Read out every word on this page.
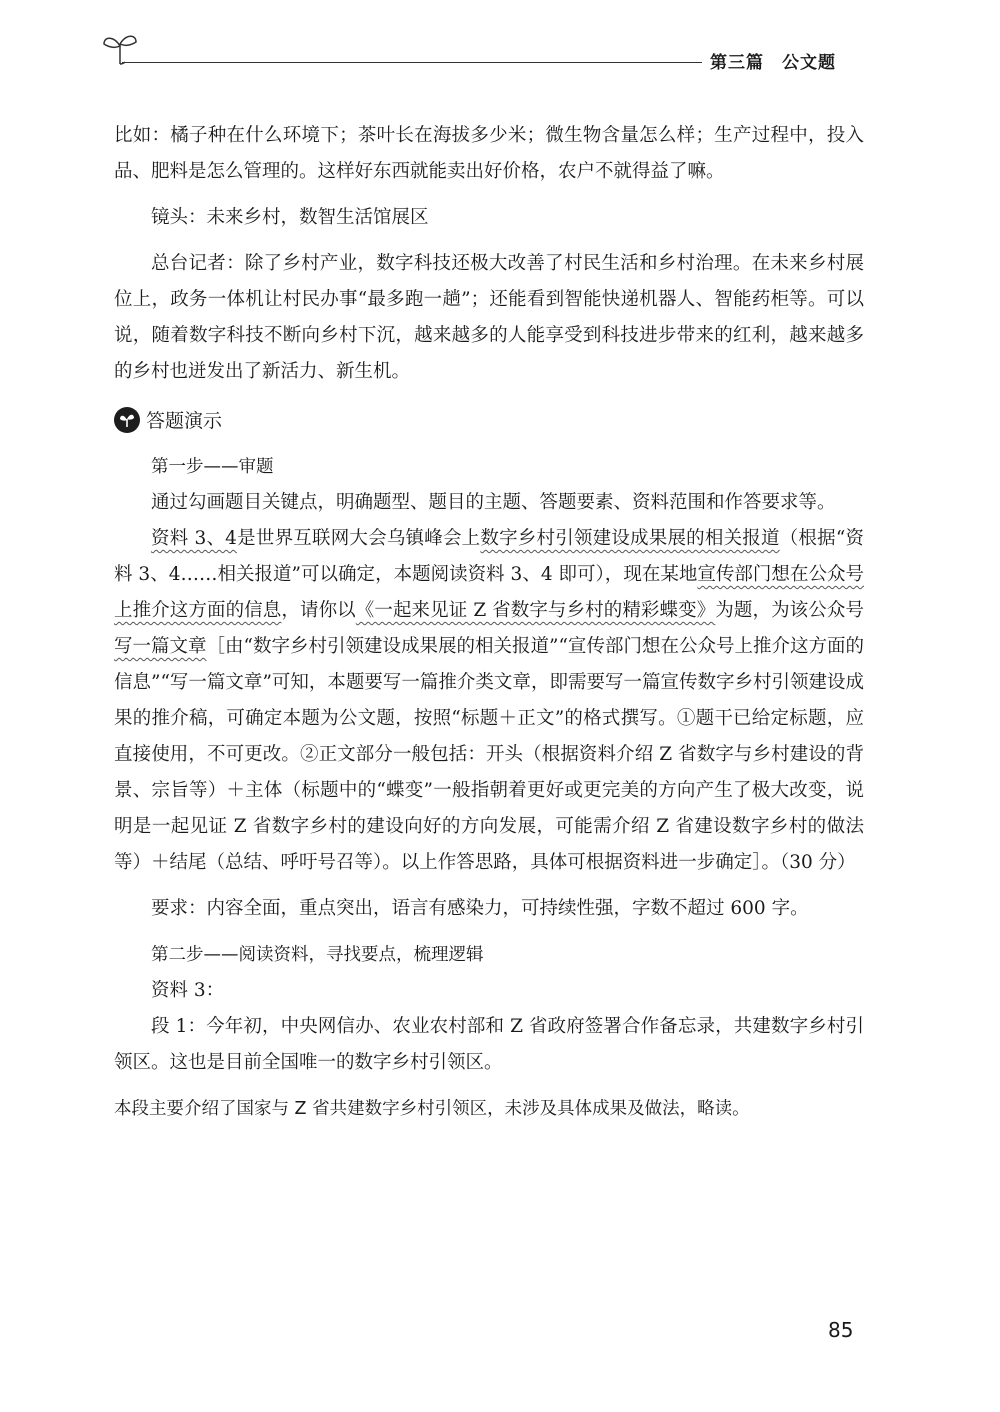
第三篇 公文题

比如：橘子种在什么环境下；茶叶长在海拔多少米；微生物含量怎么样；生产过程中，投入品、肥料是怎么管理的。这样好东西就能卖出好价格，农户不就得益了嘛。

镜头：未来乡村，数智生活馆展区

总台记者：除了乡村产业，数字科技还极大改善了村民生活和乡村治理。在未来乡村展位上，政务一体机让村民办事“最多跑一趟”；还能看到智能快递机器人、智能药柜等。可以说，随着数字科技不断向乡村下沉，越来越多的人能享受到科技进步带来的红利，越来越多的乡村也迸发出了新活力、新生机。

答题演示

第一步——审题

通过勾画题目关键点，明确题型、题目的主题、答题要素、资料范围和作答要求等。

资料 3、4是世界互联网大会乌镇峰会上数字乡村引领建设成果展的相关报道（根据“资料 3、4……相关报道”可以确定，本题阅读资料 3、4 即可），现在某地宣传部门想在公众号上推介这方面的信息，请你以《一起来见证 Z 省数字与乡村的精彩蝶变》为题，为该公众号写一篇文章［由“数字乡村引领建设成果展的相关报道”“宣传部门想在公众号上推介这方面的信息”“写一篇文章”可知，本题要写一篇推介类文章，即需要写一篇宣传数字乡村引领建设成果的推介稿，可确定本题为公文题，按照“标题＋正文”的格式撰写。①题干已给定标题，应直接使用，不可更改。②正文部分一般包括：开头（根据资料介绍 Z 省数字与乡村建设的背景、宗旨等）＋主体（标题中的“蝶变”一般指朝着更好或更完美的方向产生了极大改变，说明是一起见证 Z 省数字乡村的建设向好的方向发展，可能需介绍 Z 省建设数字乡村的做法等）＋结尾（总结、呼吁号召等）。以上作答思路，具体可根据资料进一步确定］。（30 分）

要求：内容全面，重点突出，语言有感染力，可持续性强，字数不超过 600 字。

第二步——阅读资料，寻找要点，梳理逻辑

资料 3：

段 1：今年初，中央网信办、农业农村部和 Z 省政府签署合作备忘录，共建数字乡村引领区。这也是目前全国唯一的数字乡村引领区。

本段主要介绍了国家与 Z 省共建数字乡村引领区，未涉及具体成果及做法，略读。

85
